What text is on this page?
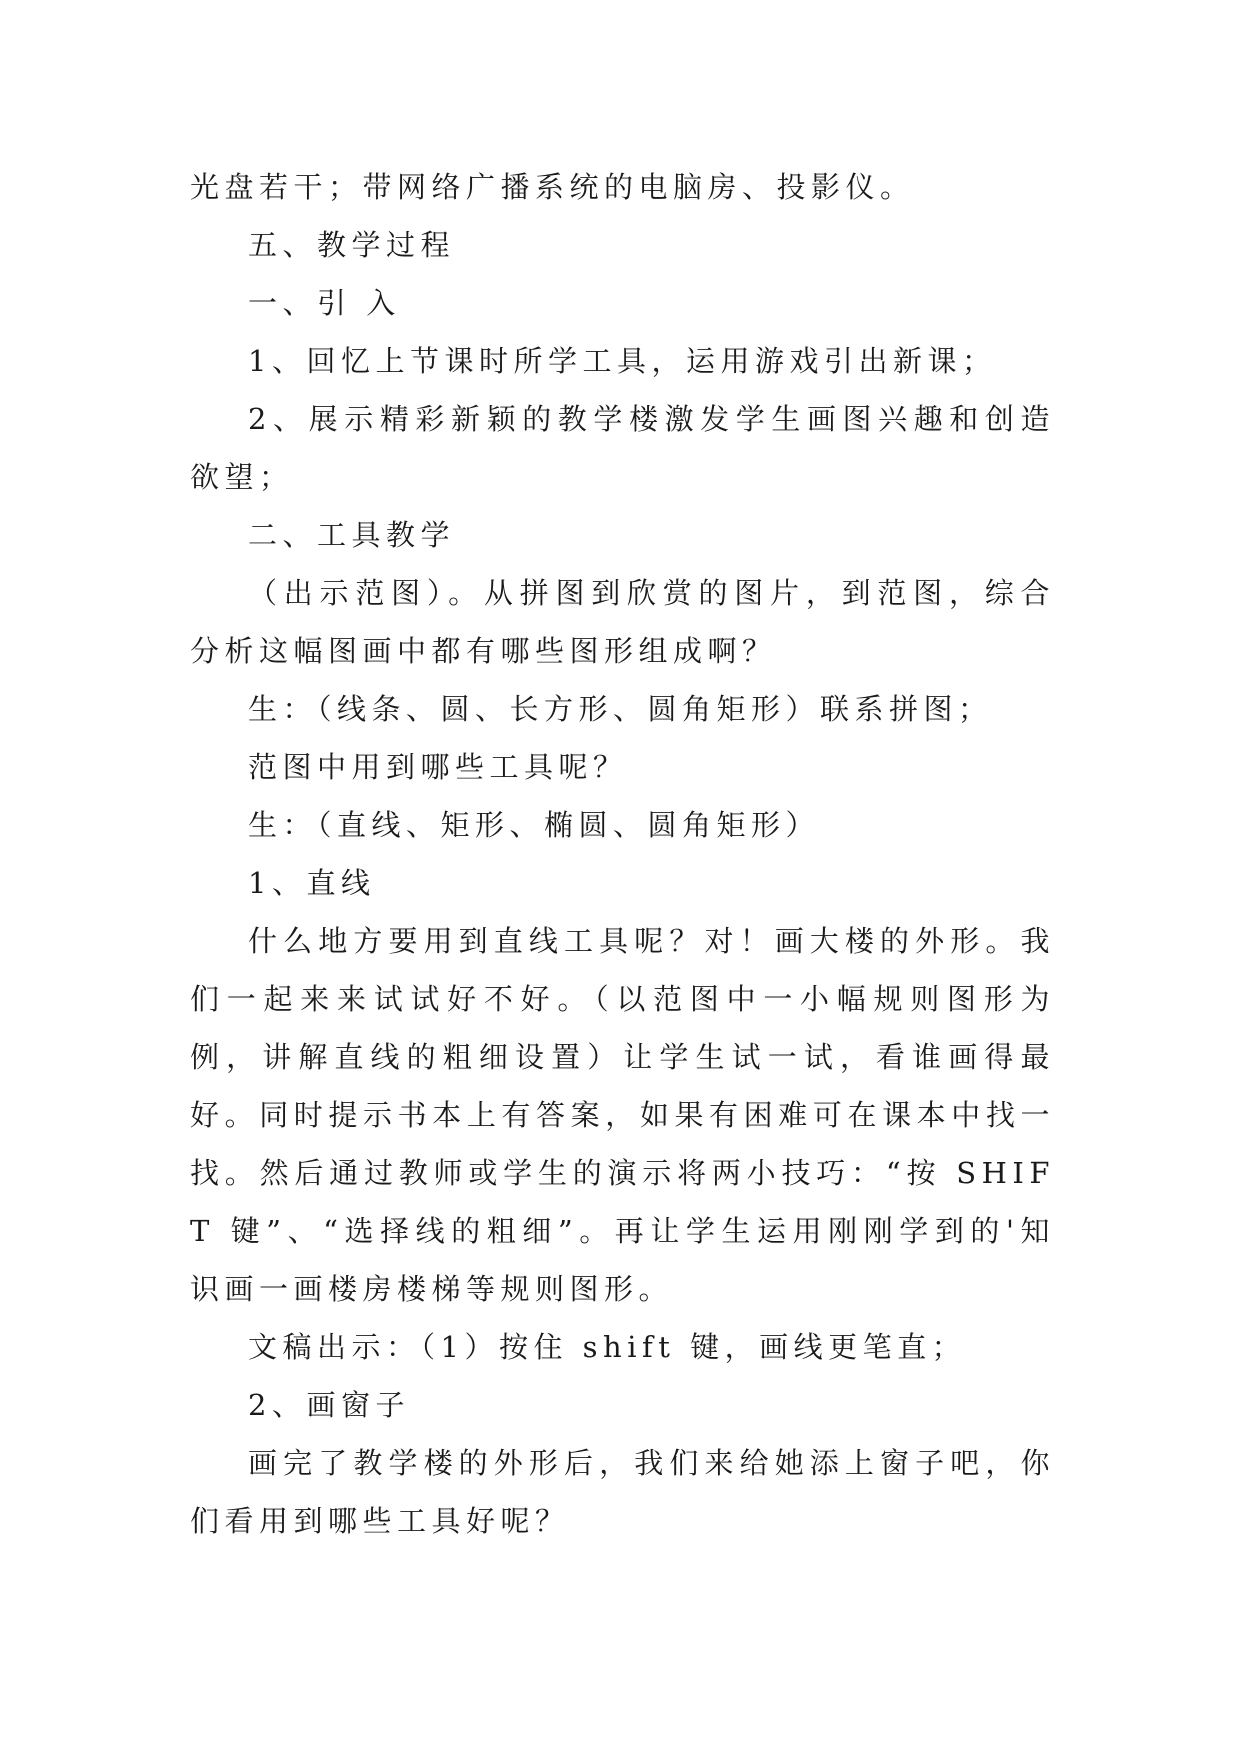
光盘若干；带网络广播系统的电脑房、投影仪。

五、教学过程

一、引 入

1、回忆上节课时所学工具，运用游戏引出新课；

2、展示精彩新颖的教学楼激发学生画图兴趣和创造欲望；

二、工具教学

（出示范图）。从拼图到欣赏的图片，到范图，综合分析这幅图画中都有哪些图形组成啊？

生：（线条、圆、长方形、圆角矩形）联系拼图；

范图中用到哪些工具呢？

生：（直线、矩形、椭圆、圆角矩形）

1、直线

什么地方要用到直线工具呢？对！画大楼的外形。我们一起来来试试好不好。（以范图中一小幅规则图形为例，讲解直线的粗细设置）让学生试一试，看谁画得最好。同时提示书本上有答案，如果有困难可在课本中找一找。然后通过教师或学生的演示将两小技巧：“按 SHIFT 键”、“选择线的粗细”。再让学生运用刚刚学到的'知识画一画楼房楼梯等规则图形。

文稿出示：（1）按住 shift 键，画线更笔直；

2、画窗子

画完了教学楼的外形后，我们来给她添上窗子吧，你们看用到哪些工具好呢？
